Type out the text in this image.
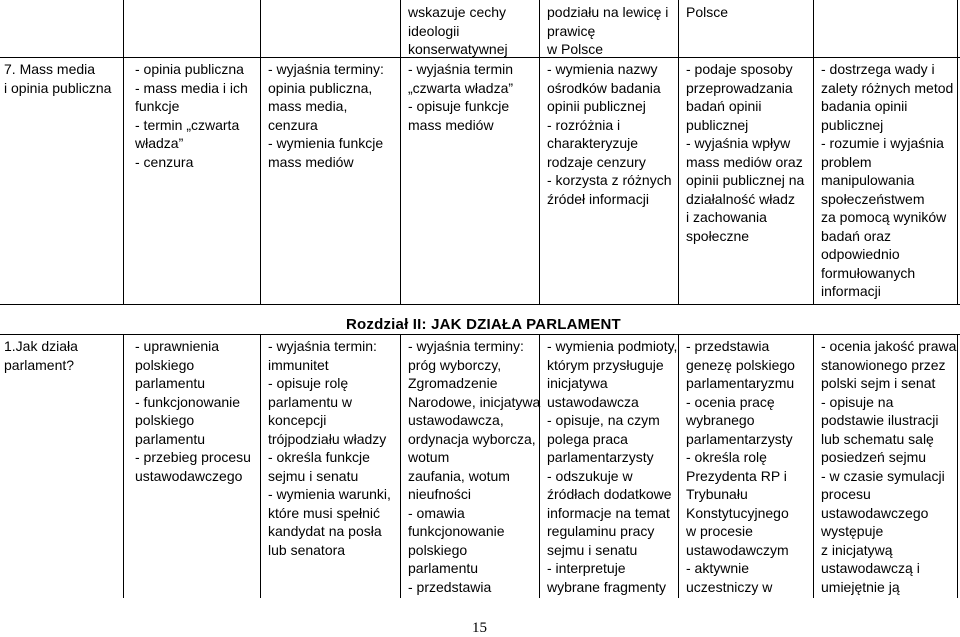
wskazuje cechy
ideologii
konserwatywnej

podziału na lewicę i
prawicę
w Polsce

Polsce

7. Mass media
i opinia publiczna

- opinia publiczna
- mass media i ich
funkcje
- termin „czwarta
władza”
- cenzura

- wyjaśnia terminy:
opinia publiczna,
mass media,
cenzura
- wymienia funkcje
mass mediów

- wyjaśnia termin
„czwarta władza”
- opisuje funkcje
mass mediów

- wymienia nazwy
ośrodków badania
opinii publicznej
- rozróżnia i
charakteryzuje
rodzaje cenzury
- korzysta z różnych
źródeł informacji

- podaje sposoby
przeprowadzania
badań opinii
publicznej
- wyjaśnia wpływ
mass mediów oraz
opinii publicznej na
działalność władz
i zachowania
społeczne

- dostrzega wady i
zalety różnych metod
badania opinii
publicznej
- rozumie i wyjaśnia
problem
manipulowania
społeczeństwem
za pomocą wyników
badań oraz
odpowiednio
formułowanych
informacji

Rozdział II: JAK DZIAŁA PARLAMENT

1.Jak działa
parlament?

- uprawnienia
polskiego
parlamentu
- funkcjonowanie
polskiego
parlamentu
- przebieg procesu
ustawodawczego

- wyjaśnia termin:
immunitet
- opisuje rolę
parlamentu w
koncepcji
trójpodziału władzy
- określa funkcje
sejmu i senatu
- wymienia warunki,
które musi spełnić
kandydat na posła
lub senatora

- wyjaśnia terminy:
próg wyborczy,
Zgromadzenie
Narodowe, inicjatywa
ustawodawcza,
ordynacja wyborcza,
wotum
zaufania, wotum
nieufności
- omawia
funkcjonowanie
polskiego
parlamentu
- przedstawia

- wymienia podmioty,
którym przysługuje
inicjatywa
ustawodawcza
- opisuje, na czym
polega praca
parlamentarzysty
- odszukuje w
źródłach dodatkowe
informacje na temat
regulaminu pracy
sejmu i senatu
- interpretuje
wybrane fragmenty

- przedstawia
genezę polskiego
parlamentaryzmu
- ocenia pracę
wybranego
parlamentarzysty
- określa rolę
Prezydenta RP i
Trybunału
Konstytucyjnego
w procesie
ustawodawczym
- aktywnie
uczestniczy w

- ocenia jakość prawa
stanowionego przez
polski sejm i senat
- opisuje na
podstawie ilustracji
lub schematu salę
posiedzeń sejmu
- w czasie symulacji
procesu
ustawodawczego
występuje
z inicjatywą
ustawodawczą i
umiejętnie ją

15
